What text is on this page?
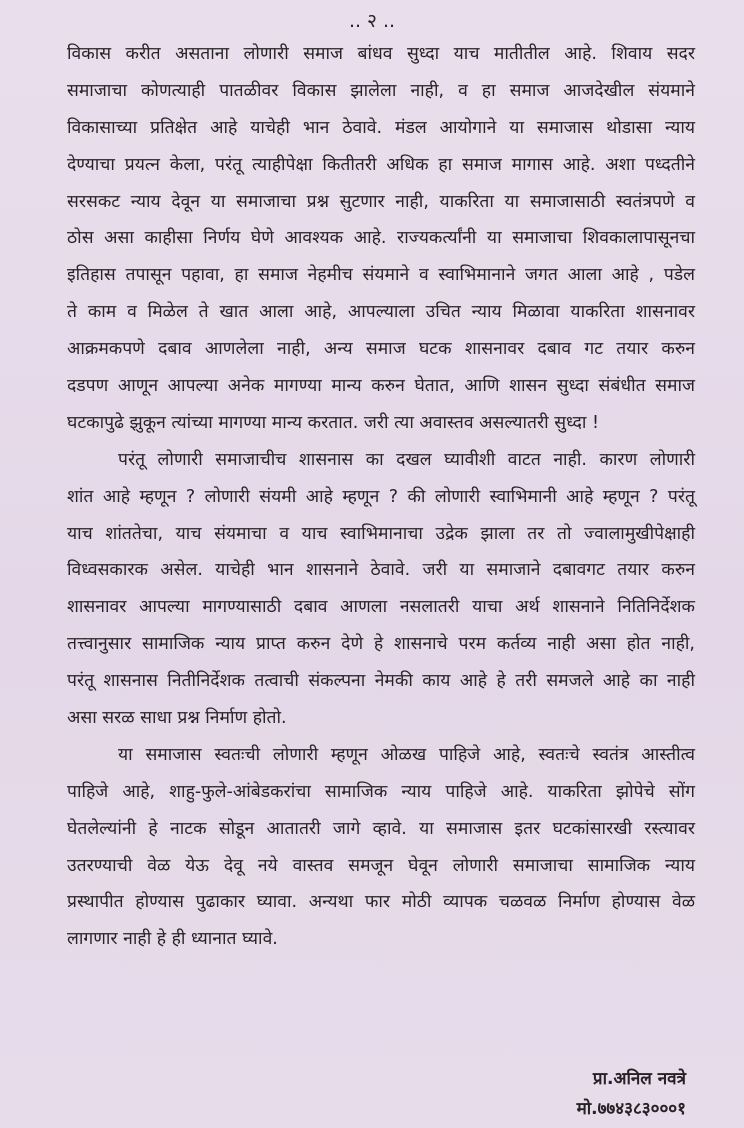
.. २ ..
विकास करीत असताना लोणारी समाज बांधव सुध्दा याच मातीतील आहे. शिवाय सदर
समाजाचा कोणत्याही पातळीवर विकास झालेला नाही, व हा समाज आजदेखील संयमाने
विकासाच्या प्रतिक्षेत आहे याचेही भान ठेवावे. मंडल आयोगाने या समाजास थोडासा न्याय
देण्याचा प्रयत्न केला, परंतू त्याहीपेक्षा कितीतरी अधिक हा समाज मागास आहे. अशा पध्दतीने
सरसकट न्याय देवून या समाजाचा प्रश्न सुटणार नाही, याकरिता या समाजासाठी स्वतंत्रपणे व
ठोस असा काहीसा निर्णय घेणे आवश्यक आहे. राज्यकर्त्यांनी या समाजाचा शिवकालापासूनचा
इतिहास तपासून पहावा, हा समाज नेहमीच संयमाने व स्वाभिमानाने जगत आला आहे , पडेल
ते काम व मिळेल ते खात आला आहे, आपल्याला उचित न्याय मिळावा याकरिता शासनावर
आक्रमकपणे दबाव आणलेला नाही, अन्य समाज घटक शासनावर दबाव गट तयार करुन
दडपण आणून आपल्या अनेक मागण्या मान्य करुन घेतात, आणि शासन सुध्दा संबंधीत समाज
घटकापुढे झुकून त्यांच्या मागण्या मान्य करतात. जरी त्या अवास्तव असल्यातरी सुध्दा !
परंतू लोणारी समाजाचीच शासनास का दखल घ्यावीशी वाटत नाही. कारण लोणारी
शांत आहे म्हणून ? लोणारी संयमी आहे म्हणून ? की लोणारी स्वाभिमानी आहे म्हणून ? परंतू
याच शांततेचा, याच संयमाचा व याच स्वाभिमानाचा उद्रेक झाला तर तो ज्वालामुखीपेक्षाही
विध्वसकारक असेल. याचेही भान शासनाने ठेवावे. जरी या समाजाने दबावगट तयार करुन
शासनावर आपल्या मागण्यासाठी दबाव आणला नसलातरी याचा अर्थ शासनाने नितिनिर्देशक
तत्त्वानुसार सामाजिक न्याय प्राप्त करुन देणे हे शासनाचे परम कर्तव्य नाही असा होत नाही,
परंतू शासनास नितीनिर्देशक तत्वाची संकल्पना नेमकी काय आहे हे तरी समजले आहे का नाही
असा सरळ साधा प्रश्न निर्माण होतो.
या समाजास स्वतःची लोणारी म्हणून ओळख पाहिजे आहे, स्वतःचे स्वतंत्र आस्तीत्व
पाहिजे आहे, शाहु-फुले-आंबेडकरांचा सामाजिक न्याय पाहिजे आहे. याकरिता झोपेचे सोंग
घेतलेल्यांनी हे नाटक सोडून आतातरी जागे व्हावे. या समाजास इतर घटकांसारखी रस्त्यावर
उतरण्याची वेळ येऊ देवू नये वास्तव समजून घेवून लोणारी समाजाचा सामाजिक न्याय
प्रस्थापीत होण्यास पुढाकार घ्यावा. अन्यथा फार मोठी व्यापक चळवळ निर्माण होण्यास वेळ
लागणार नाही हे ही ध्यानात घ्यावे.
प्रा.अनिल नवत्रे
मो.७७४३८३०००१
